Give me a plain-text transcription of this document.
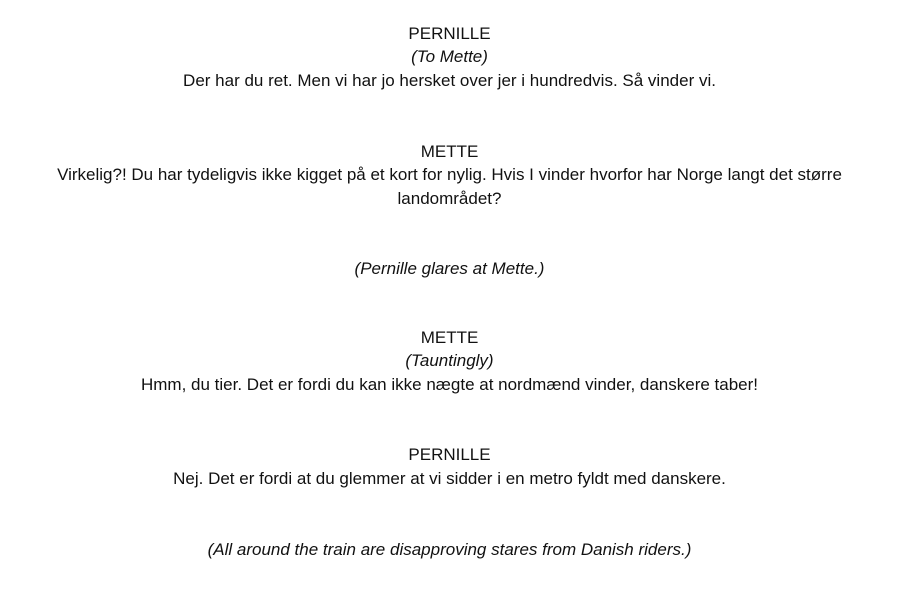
PERNILLE
(To Mette)
Der har du ret. Men vi har jo hersket over jer i hundredvis. Så vinder vi.
METTE
Virkelig?! Du har tydeligvis ikke kigget på et kort for nylig. Hvis I vinder hvorfor har Norge langt det større landområdet?
(Pernille glares at Mette.)
METTE
(Tauntingly)
Hmm, du tier. Det er fordi du kan ikke nægte at nordmænd vinder, danskere taber!
PERNILLE
Nej. Det er fordi at du glemmer at vi sidder i en metro fyldt med danskere.
(All around the train are disapproving stares from Danish riders.)
